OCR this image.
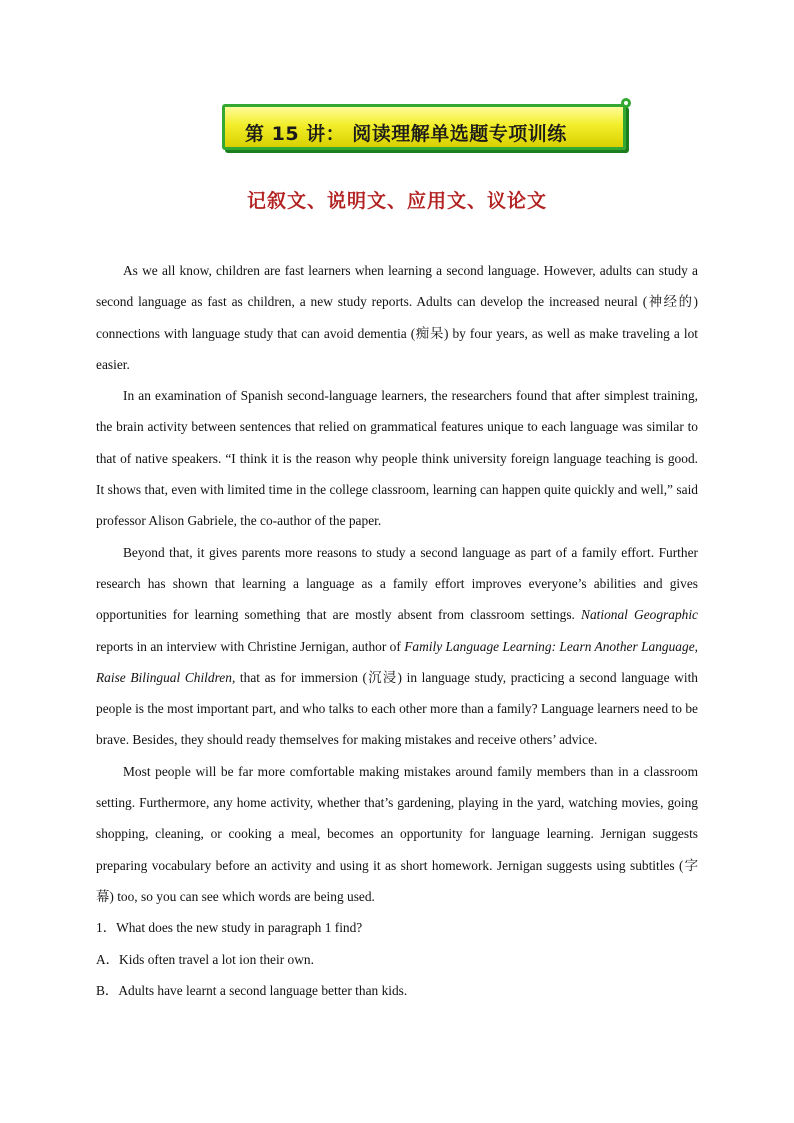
第 15 讲： 阅读理解单选题专项训练
记叙文、说明文、应用文、议论文

As we all know, children are fast learners when learning a second language. However, adults can study a second language as fast as children, a new study reports. Adults can develop the increased neural (神经的) connections with language study that can avoid dementia (痴呆) by four years, as well as make traveling a lot easier.

In an examination of Spanish second-language learners, the researchers found that after simplest training, the brain activity between sentences that relied on grammatical features unique to each language was similar to that of native speakers. “I think it is the reason why people think university foreign language teaching is good. It shows that, even with limited time in the college classroom, learning can happen quite quickly and well,” said professor Alison Gabriele, the co-author of the paper.

Beyond that, it gives parents more reasons to study a second language as part of a family effort. Further research has shown that learning a language as a family effort improves everyone’s abilities and gives opportunities for learning something that are mostly absent from classroom settings. National Geographic reports in an interview with Christine Jernigan, author of Family Language Learning: Learn Another Language, Raise Bilingual Children, that as for immersion (沉浸) in language study, practicing a second language with people is the most important part, and who talks to each other more than a family? Language learners need to be brave. Besides, they should ready themselves for making mistakes and receive others’ advice.

Most people will be far more comfortable making mistakes around family members than in a classroom setting. Furthermore, any home activity, whether that’s gardening, playing in the yard, watching movies, going shopping, cleaning, or cooking a meal, becomes an opportunity for language learning. Jernigan suggests preparing vocabulary before an activity and using it as short homework. Jernigan suggests using subtitles (字幕) too, so you can see which words are being used.

1．What does the new study in paragraph 1 find?

A．Kids often travel a lot ion their own.

B．Adults have learnt a second language better than kids.
